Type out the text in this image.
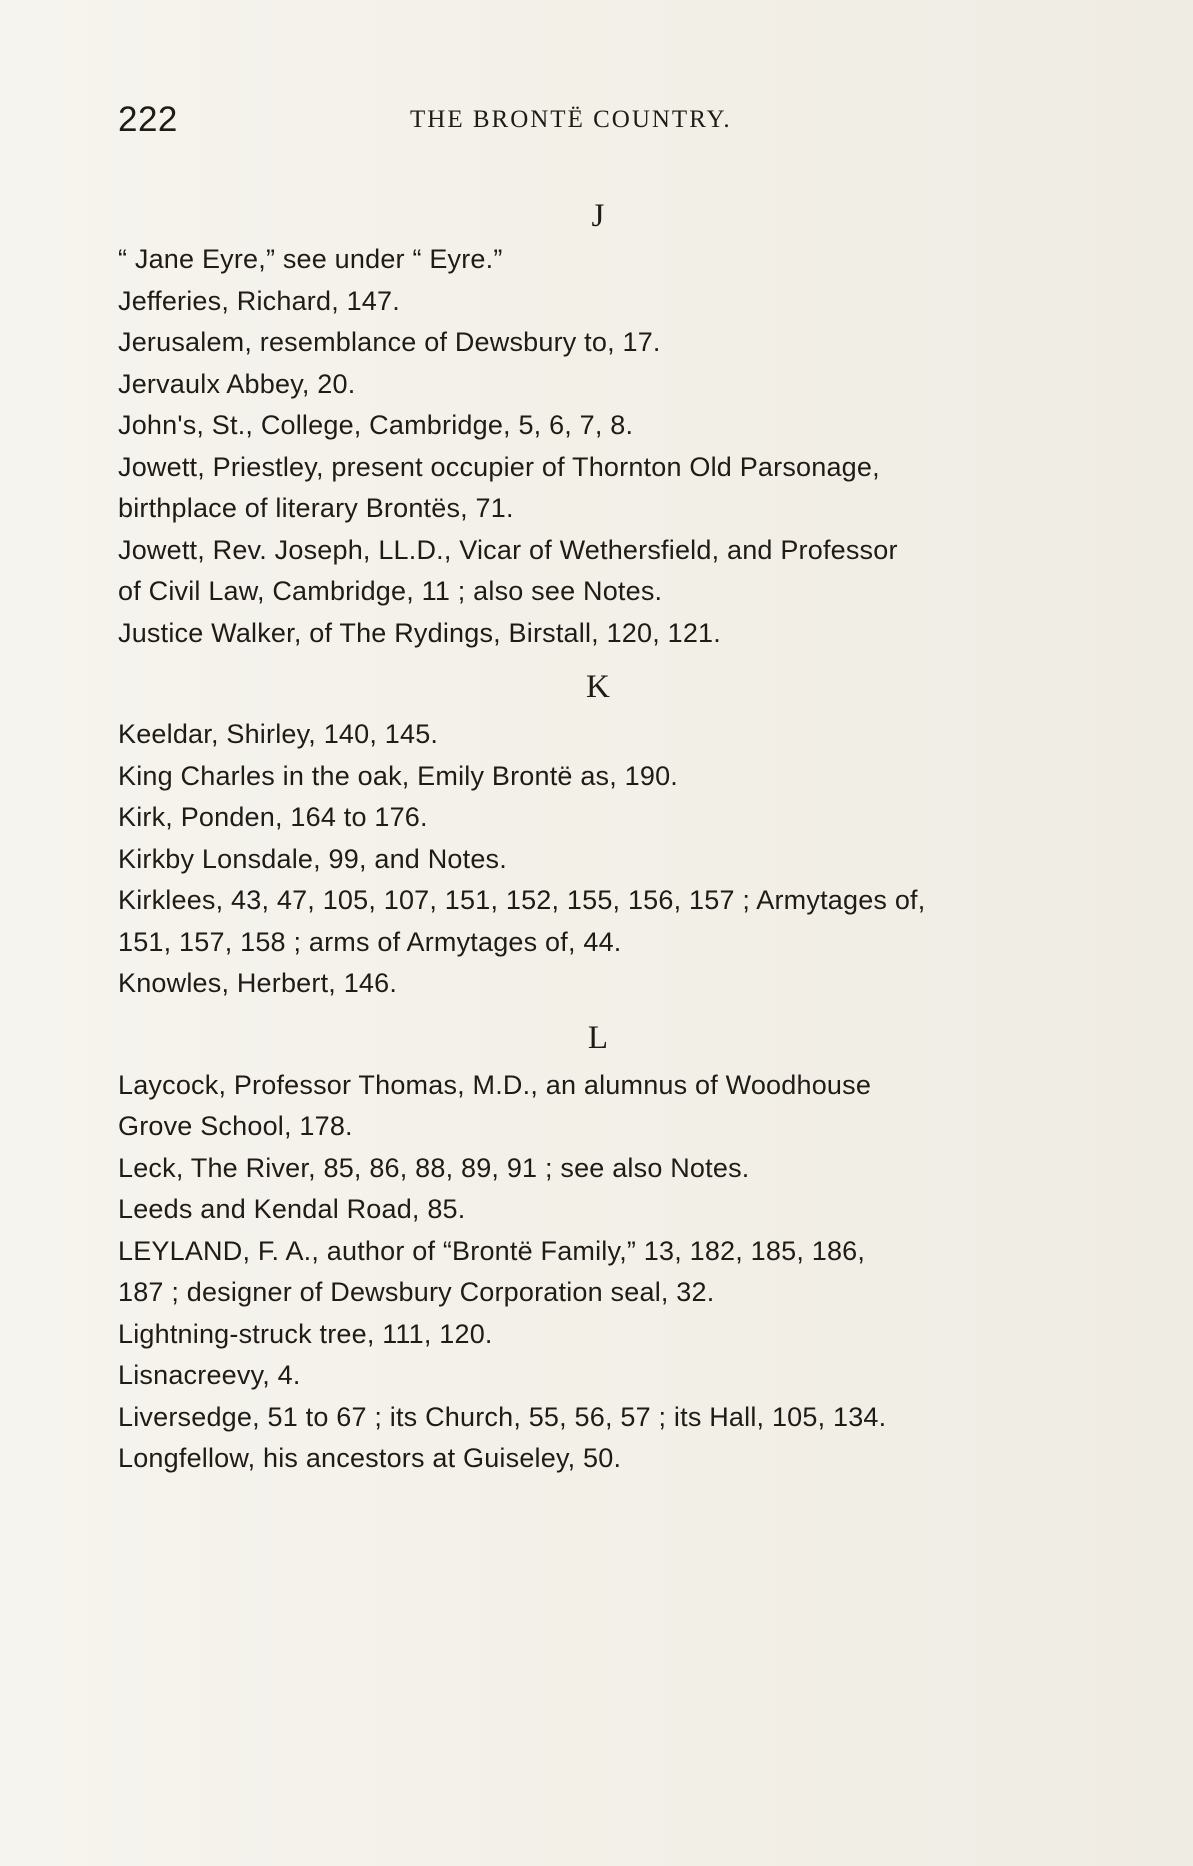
222	THE BRONTË COUNTRY.
J
“ Jane Eyre,” see under “ Eyre.”
Jefferies, Richard, 147.
Jerusalem, resemblance of Dewsbury to, 17.
Jervaulx Abbey, 20.
John's, St., College, Cambridge, 5, 6, 7, 8.
Jowett, Priestley, present occupier of Thornton Old Parsonage,
birthplace of literary Brontës, 71.
Jowett, Rev. Joseph, LL.D., Vicar of Wethersfield, and Professor
of Civil Law, Cambridge, 11 ; also see Notes.
Justice Walker, of The Rydings, Birstall, 120, 121.
K
Keeldar, Shirley, 140, 145.
King Charles in the oak, Emily Brontë as, 190.
Kirk, Ponden, 164 to 176.
Kirkby Lonsdale, 99, and Notes.
Kirklees, 43, 47, 105, 107, 151, 152, 155, 156, 157 ; Armytages of,
151, 157, 158 ; arms of Armytages of, 44.
Knowles, Herbert, 146.
L
Laycock, Professor Thomas, M.D., an alumnus of Woodhouse
Grove School, 178.
Leck, The River, 85, 86, 88, 89, 91 ; see also Notes.
Leeds and Kendal Road, 85.
LEYLAND, F. A., author of “Brontë Family,” 13, 182, 185, 186,
187 ; designer of Dewsbury Corporation seal, 32.
Lightning-struck tree, 111, 120.
Lisnacreevy, 4.
Liversedge, 51 to 67 ; its Church, 55, 56, 57 ; its Hall, 105, 134.
Longfellow, his ancestors at Guiseley, 50.
